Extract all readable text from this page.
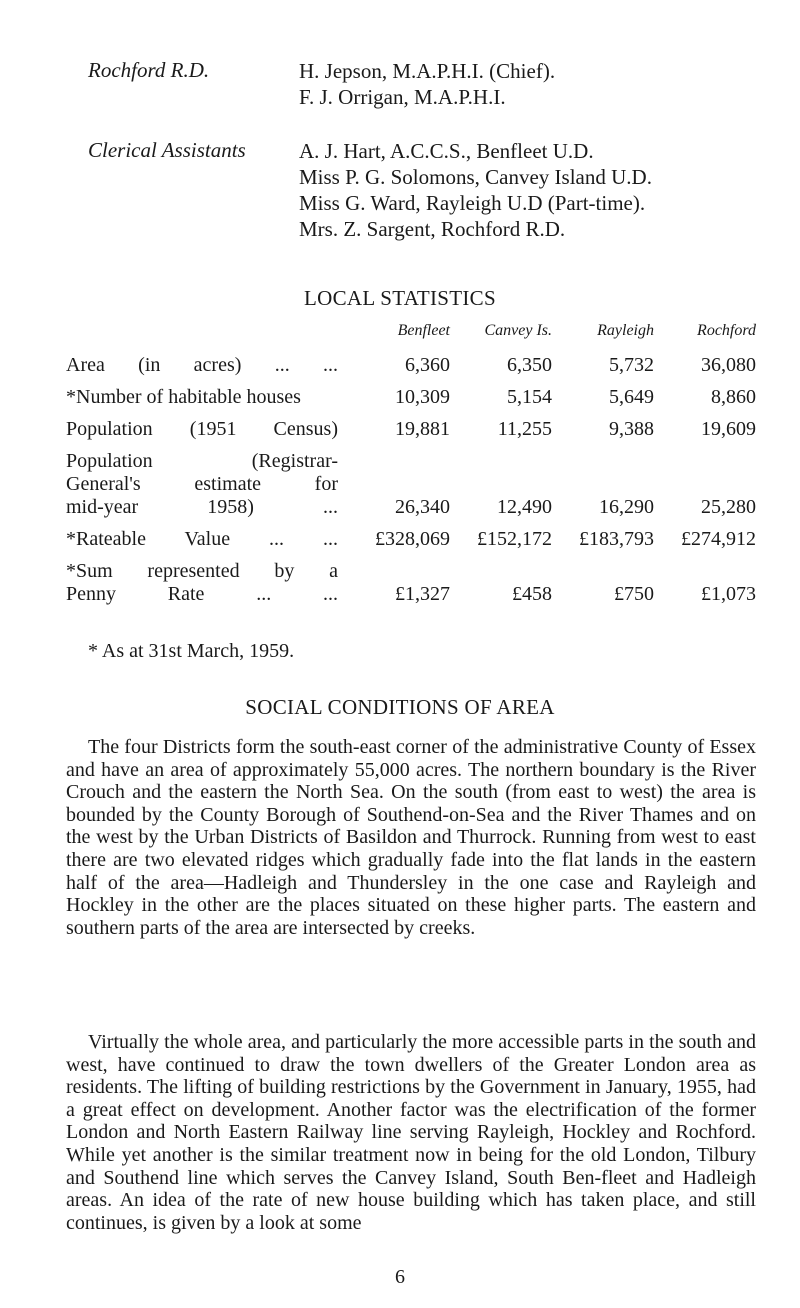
Rochford R.D.	H. Jepson, M.A.P.H.I. (Chief).
F. J. Orrigan, M.A.P.H.I.
Clerical Assistants	A. J. Hart, A.C.C.S., Benfleet U.D.
Miss P. G. Solomons, Canvey Island U.D.
Miss G. Ward, Rayleigh U.D (Part-time).
Mrs. Z. Sargent, Rochford R.D.
LOCAL STATISTICS
	Benfleet	Canvey Is.	Rayleigh	Rochford

Area (in acres) ... ...	6,360	6,350	5,732	36,080

*Number of habitable houses	10,309	5,154	5,649	8,860

Population (1951 Census)	19,881	11,255	9,388	19,609

Population (Registrar-
General's estimate for
mid-year 1958) ...	26,340	12,490	16,290	25,280

*Rateable Value ... ...	£328,069	£152,172	£183,793	£274,912

*Sum represented by a
Penny Rate ... ...	£1,327	£458	£750	£1,073
* As at 31st March, 1959.
SOCIAL CONDITIONS OF AREA

The four Districts form the south-east corner of the administrative County of Essex and have an area of approximately 55,000 acres. The northern boundary is the River Crouch and the eastern the North Sea. On the south (from east to west) the area is bounded by the County Borough of Southend-on-Sea and the River Thames and on the west by the Urban Districts of Basildon and Thurrock. Running from west to east there are two elevated ridges which gradually fade into the flat lands in the eastern half of the area—Hadleigh and Thundersley in the one case and Rayleigh and Hockley in the other are the places situated on these higher parts. The eastern and southern parts of the area are intersected by creeks.

Virtually the whole area, and particularly the more accessible parts in the south and west, have continued to draw the town dwellers of the Greater London area as residents. The lifting of building restrictions by the Government in January, 1955, had a great effect on development. Another factor was the electrification of the former London and North Eastern Railway line serving Rayleigh, Hockley and Rochford. While yet another is the similar treatment now in being for the old London, Tilbury and Southend line which serves the Canvey Island, South Ben-fleet and Hadleigh areas. An idea of the rate of new house building which has taken place, and still continues, is given by a look at some

6
